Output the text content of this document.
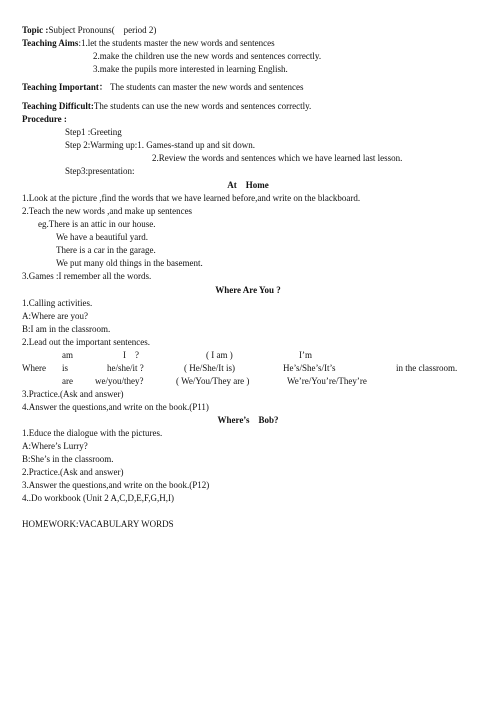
Topic :Subject Pronouns(    period 2)
Teaching Aims:1.let the students master the new words and sentences
2.make the children use the new words and sentences correctly.
3.make the pupils more interested in learning English.
Teaching Important： The students can master the new words and sentences
Teaching Difficult:The students can use the new words and sentences correctly.
Procedure :
Step1 :Greeting
Step 2:Warming up:1. Games-stand up and sit down.
2.Review the words and sentences which we have learned last lesson.
Step3:presentation:
At    Home
1.Look at the picture ,find the words that we have learned before,and write on the blackboard.
2.Teach the new words ,and make up sentences
eg.There is an attic in our house.
We have a beautiful yard.
There is a car in the garage.
We put many old things in the basement.
3.Games :I remember all the words.
Where Are You ?
1.Calling activities.
A:Where are you?
B:I am in the classroom.
2.Lead out the important sentences.
am	I    ?	( I am )	I’m
Where is	he/she/it ?	( He/She/It is)	He’s/She’s/It’s	in the classroom.
are we/you/they?	( We/You/They are )	We’re/You’re/They’re
3.Practice.(Ask and answer)
4.Answer the questions,and write on the book.(P11)
Where’s    Bob?
1.Educe the dialogue with the pictures.
A:Where’s Lurry?
B:She’s in the classroom.
2.Practice.(Ask and answer)
3.Answer the questions,and write on the book.(P12)
4..Do workbook (Unit 2 A,C,D,E,F,G,H,I)
HOMEWORK:VACABULARY WORDS
